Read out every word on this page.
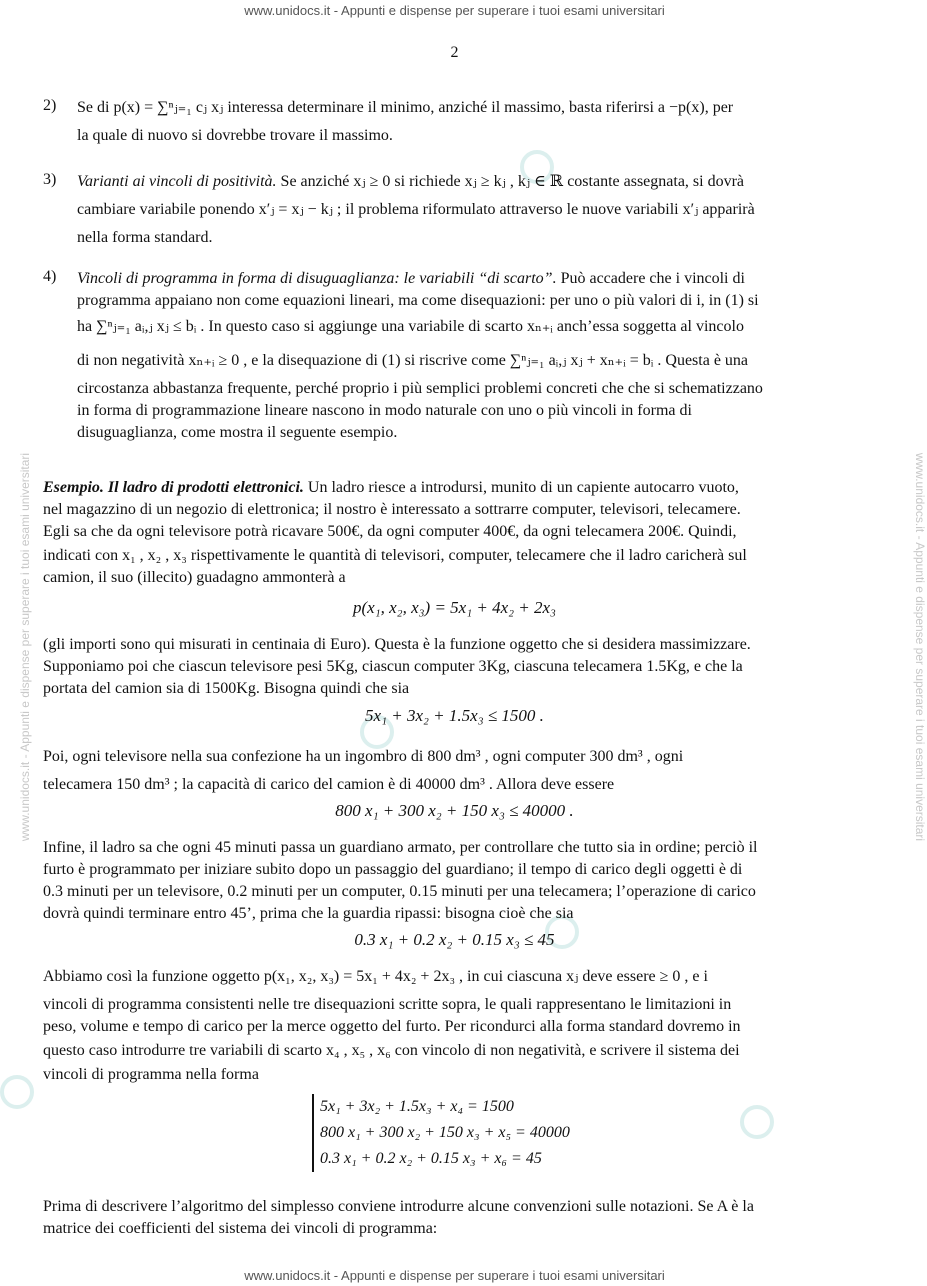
www.unidocs.it - Appunti e dispense per superare i tuoi esami universitari
www.unidocs.it - Appunti e dispense per superare i tuoi esami universitari	www.unidocs.it - Appunti e dispense per superare i tuoi esami universitari
2
2) Se di p(x) = ∑ⁿⱼ₌₁ cⱼ xⱼ interessa determinare il minimo, anziché il massimo, basta riferirsi a −p(x), per
la quale di nuovo si dovrebbe trovare il massimo.
3) Varianti ai vincoli di positività. Se anziché xⱼ ≥ 0 si richiede xⱼ ≥ kⱼ , kⱼ ∈ ℝ costante assegnata, si dovrà
cambiare variabile ponendo x′ⱼ = xⱼ − kⱼ ; il problema riformulato attraverso le nuove variabili x′ⱼ apparirà
nella forma standard.
4) Vincoli di programma in forma di disuguaglianza: le variabili “di scarto”. Può accadere che i vincoli di
programma appaiano non come equazioni lineari, ma come disequazioni: per uno o più valori di i, in (1) si
ha ∑ⁿⱼ₌₁ aᵢ,ⱼ xⱼ ≤ bᵢ . In questo caso si aggiunge una variabile di scarto xₙ₊ᵢ anch’essa soggetta al vincolo
di non negatività xₙ₊ᵢ ≥ 0 , e la disequazione di (1) si riscrive come ∑ⁿⱼ₌₁ aᵢ,ⱼ xⱼ + xₙ₊ᵢ = bᵢ . Questa è una
circostanza abbastanza frequente, perché proprio i più semplici problemi concreti che che si schematizzano
in forma di programmazione lineare nascono in modo naturale con uno o più vincoli in forma di
disuguaglianza, come mostra il seguente esempio.
Esempio. Il ladro di prodotti elettronici. Un ladro riesce a introdursi, munito di un capiente autocarro vuoto,
nel magazzino di un negozio di elettronica; il nostro è interessato a sottrarre computer, televisori, telecamere.
Egli sa che da ogni televisore potrà ricavare 500€, da ogni computer 400€, da ogni telecamera 200€. Quindi,
indicati con x₁ , x₂ , x₃ rispettivamente le quantità di televisori, computer, telecamere che il ladro caricherà sul
camion, il suo (illecito) guadagno ammonterà a
p(x₁, x₂, x₃) = 5x₁ + 4x₂ + 2x₃
(gli importi sono qui misurati in centinaia di Euro). Questa è la funzione oggetto che si desidera massimizzare.
Supponiamo poi che ciascun televisore pesi 5Kg, ciascun computer 3Kg, ciascuna telecamera 1.5Kg, e che la
portata del camion sia di 1500Kg. Bisogna quindi che sia
5x₁ + 3x₂ + 1.5x₃ ≤ 1500 .
Poi, ogni televisore nella sua confezione ha un ingombro di 800 dm³ , ogni computer 300 dm³ , ogni
telecamera 150 dm³ ; la capacità di carico del camion è di 40000 dm³ . Allora deve essere
800 x₁ + 300 x₂ + 150 x₃ ≤ 40000 .
Infine, il ladro sa che ogni 45 minuti passa un guardiano armato, per controllare che tutto sia in ordine; perciò il
furto è programmato per iniziare subito dopo un passaggio del guardiano; il tempo di carico degli oggetti è di
0.3 minuti per un televisore, 0.2 minuti per un computer, 0.15 minuti per una telecamera; l’operazione di carico
dovrà quindi terminare entro 45’, prima che la guardia ripassi: bisogna cioè che sia
0.3 x₁ + 0.2 x₂ + 0.15 x₃ ≤ 45
Abbiamo così la funzione oggetto p(x₁, x₂, x₃) = 5x₁ + 4x₂ + 2x₃ , in cui ciascuna xⱼ deve essere ≥ 0 , e i
vincoli di programma consistenti nelle tre disequazioni scritte sopra, le quali rappresentano le limitazioni in
peso, volume e tempo di carico per la merce oggetto del furto. Per ricondurci alla forma standard dovremo in
questo caso introdurre tre variabili di scarto x₄ , x₅ , x₆ con vincolo di non negatività, e scrivere il sistema dei
vincoli di programma nella forma
5x₁ + 3x₂ + 1.5x₃ + x₄ = 1500
800 x₁ + 300 x₂ + 150 x₃ + x₅ = 40000
0.3 x₁ + 0.2 x₂ + 0.15 x₃ + x₆ = 45
Prima di descrivere l’algoritmo del simplesso conviene introdurre alcune convenzioni sulle notazioni. Se A è la
matrice dei coefficienti del sistema dei vincoli di programma:
www.unidocs.it - Appunti e dispense per superare i tuoi esami universitari
